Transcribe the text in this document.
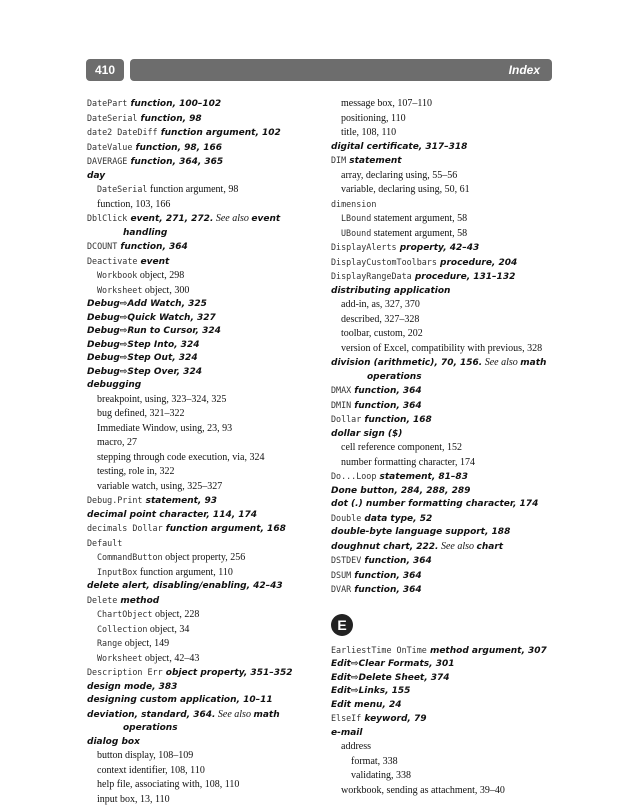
410	Index
DatePart function, 100–102
DateSerial function, 98
date2 DateDiff function argument, 102
DateValue function, 98, 166
DAVERAGE function, 364, 365
day
DateSerial function argument, 98
function, 103, 166
DblClick event, 271, 272. See also event
handling
DCOUNT function, 364
Deactivate event
Workbook object, 298
Worksheet object, 300
Debug⇨Add Watch, 325
Debug⇨Quick Watch, 327
Debug⇨Run to Cursor, 324
Debug⇨Step Into, 324
Debug⇨Step Out, 324
Debug⇨Step Over, 324
debugging
breakpoint, using, 323–324, 325
bug defined, 321–322
Immediate Window, using, 23, 93
macro, 27
stepping through code execution, via, 324
testing, role in, 322
variable watch, using, 325–327
Debug.Print statement, 93
decimal point character, 114, 174
decimals Dollar function argument, 168
Default
CommandButton object property, 256
InputBox function argument, 110
delete alert, disabling/enabling, 42–43
Delete method
ChartObject object, 228
Collection object, 34
Range object, 149
Worksheet object, 42–43
Description Err object property, 351–352
design mode, 383
designing custom application, 10–11
deviation, standard, 364. See also math
operations
dialog box
button display, 108–109
context identifier, 108, 110
help file, associating with, 108, 110
input box, 13, 110
message box, 107–110
positioning, 110
title, 108, 110
digital certificate, 317–318
DIM statement
array, declaring using, 55–56
variable, declaring using, 50, 61
dimension
LBound statement argument, 58
UBound statement argument, 58
DisplayAlerts property, 42–43
DisplayCustomToolbars procedure, 204
DisplayRangeData procedure, 131–132
distributing application
add-in, as, 327, 370
described, 327–328
toolbar, custom, 202
version of Excel, compatibility with previous, 328
division (arithmetic), 70, 156. See also math
operations
DMAX function, 364
DMIN function, 364
Dollar function, 168
dollar sign ($)
cell reference component, 152
number formatting character, 174
Do...Loop statement, 81–83
Done button, 284, 288, 289
dot (.) number formatting character, 174
Double data type, 52
double-byte language support, 188
doughnut chart, 222. See also chart
DSTDEV function, 364
DSUM function, 364
DVAR function, 364
E
EarliestTime OnTime method argument, 307
Edit⇨Clear Formats, 301
Edit⇨Delete Sheet, 374
Edit⇨Links, 155
Edit menu, 24
ElseIf keyword, 79
e-mail
address
format, 338
validating, 338
workbook, sending as attachment, 39–40
